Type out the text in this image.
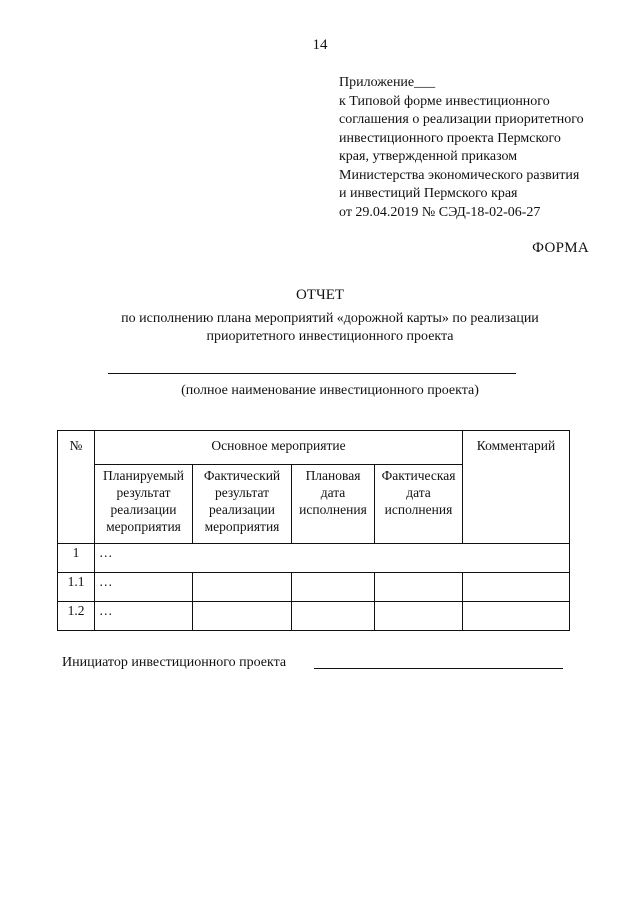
14
Приложение___
к Типовой форме инвестиционного
соглашения о реализации приоритетного
инвестиционного проекта Пермского
края, утвержденной приказом
Министерства экономического развития
и инвестиций Пермского края
от 29.04.2019 № СЭД-18-02-06-27
ФОРМА
ОТЧЕТ
по исполнению плана мероприятий «дорожной карты» по реализации
приоритетного инвестиционного проекта
(полное наименование инвестиционного проекта)
№	Основное мероприятие				Комментарий

	Планируемый результат реализации мероприятия	Фактический результат реализации мероприятия	Плановая дата исполнения	Фактическая дата исполнения	

1	…				
1.1	…				
1.2	…				
Инициатор инвестиционного проекта
